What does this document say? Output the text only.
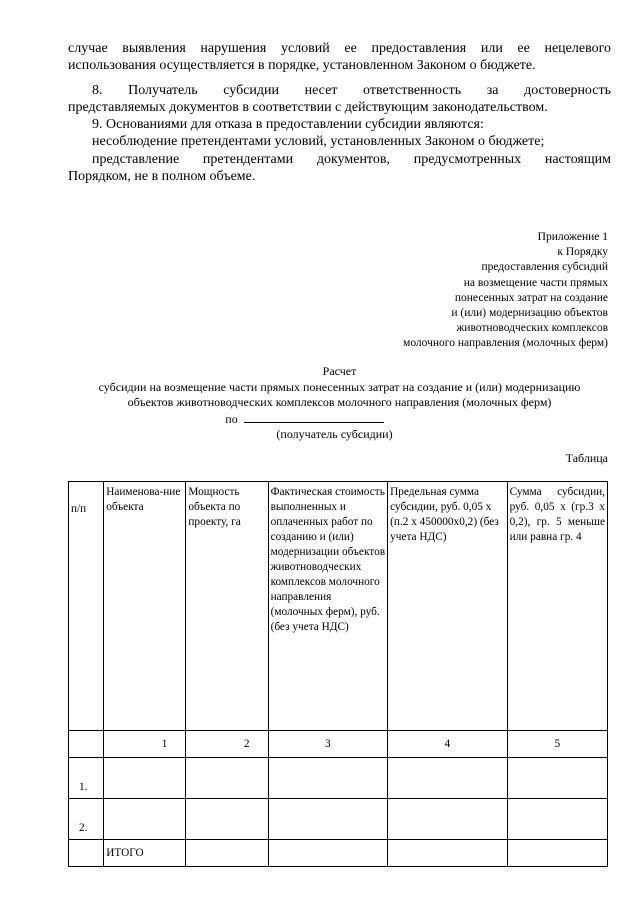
случае выявления нарушения условий ее предоставления или ее нецелевого
использования осуществляется в порядке, установленном Законом о бюджете.
8. Получатель субсидии несет ответственность за достоверность
представляемых документов в соответствии с действующим законодательством.
9. Основаниями для отказа в предоставлении субсидии являются:
несоблюдение претендентами условий, установленных Законом о бюджете;
представление претендентами документов, предусмотренных настоящим
Порядком, не в полном объеме.
Приложение 1
к Порядку
предоставления субсидий
на возмещение части прямых
понесенных затрат на создание
и (или) модернизацию объектов
животноводческих комплексов
молочного направления (молочных ферм)
Расчет
субсидии на возмещение части прямых понесенных затрат на создание и (или) модернизацию
объектов животноводческих комплексов молочного направления (молочных ферм)
по
(получатель субсидии)
Таблица
п/п	Наименова-ние объекта	Мощность объекта по проекту, га	Фактическая стоимость выполненных и оплаченных работ по созданию и (или) модернизации объектов животноводческих комплексов молочного направления (молочных ферм), руб. (без учета НДС)	Предельная сумма субсидии, руб. 0,05 x (п.2 x 450000x0,2) (без учета НДС)	Сумма субсидии, руб. 0,05 x (гр.3 x 0,2), гр. 5 меньше или равна гр. 4
	1	2	3	4	5
1.					
2.					
	ИТОГО				
